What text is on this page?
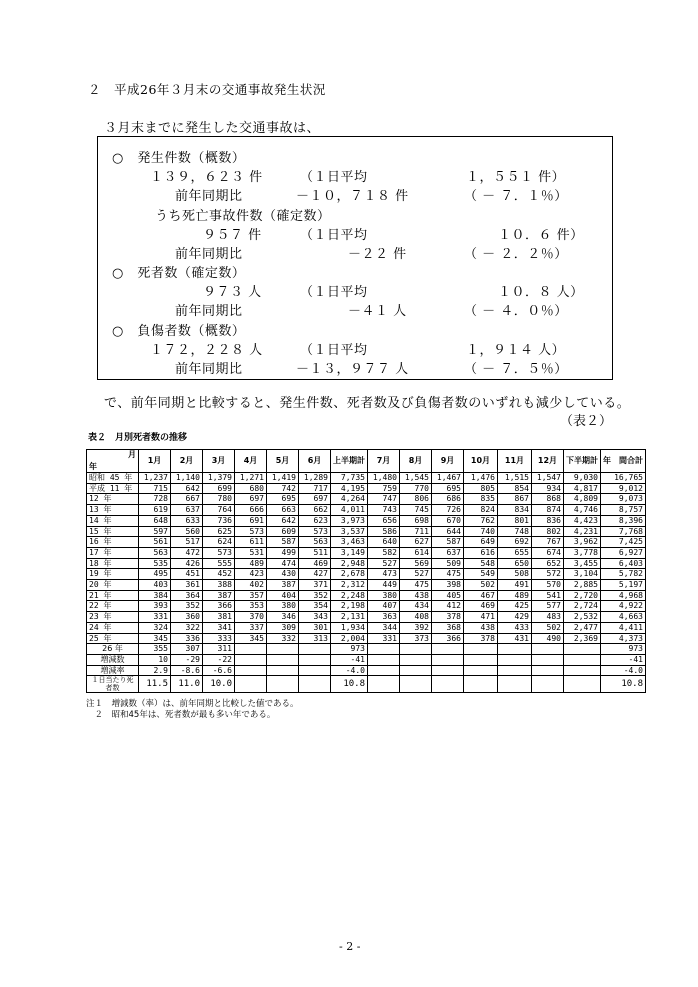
２　平成26年３月末の交通事故発生状況
３月末までに発生した交通事故は、
○　発生件数（概数）
１３９，６２３ 件	（１日平均	１，５５１ 件）
前年同期比	－１０，７１８ 件	（ － ７．１％）
うち死亡事故件数（確定数）
９５７ 件	（１日平均	１０．６ 件）
前年同期比	－２２ 件	（ － ２．２％）
○　死者数（確定数）
９７３ 人	（１日平均	１０．８ 人）
前年同期比	－４１ 人	（ － ４．０％）
○　負傷者数（概数）
１７２，２２８ 人	（１日平均	１，９１４ 人）
前年同期比	－１３，９７７ 人	（ － ７．５％）
で、前年同期と比較すると、発生件数、死者数及び負傷者数のいずれも減少している。
（表２）
表２　月別死者数の推移
月
年	1月	2月	3月	4月	5月	6月	上半期計	7月	8月	9月	10月	11月	12月	下半期計	年　間合計
昭和 45 年	1,237	1,140	1,379	1,271	1,419	1,289	7,735	1,480	1,545	1,467	1,476	1,515	1,547	9,030	16,765
平成 11 年	715	642	699	680	742	717	4,195	759	770	695	805	854	934	4,817	9,012
12 年	728	667	780	697	695	697	4,264	747	806	686	835	867	868	4,809	9,073
13 年	619	637	764	666	663	662	4,011	743	745	726	824	834	874	4,746	8,757
14 年	648	633	736	691	642	623	3,973	656	698	670	762	801	836	4,423	8,396
15 年	597	560	625	573	609	573	3,537	586	711	644	740	748	802	4,231	7,768
16 年	561	517	624	611	587	563	3,463	640	627	587	649	692	767	3,962	7,425
17 年	563	472	573	531	499	511	3,149	582	614	637	616	655	674	3,778	6,927
18 年	535	426	555	489	474	469	2,948	527	569	509	548	650	652	3,455	6,403
19 年	495	451	452	423	430	427	2,678	473	527	475	549	508	572	3,104	5,782
20 年	403	361	388	402	387	371	2,312	449	475	398	502	491	570	2,885	5,197
21 年	384	364	387	357	404	352	2,248	380	438	405	467	489	541	2,720	4,968
22 年	393	352	366	353	380	354	2,198	407	434	412	469	425	577	2,724	4,922
23 年	331	360	381	370	346	343	2,131	363	408	378	471	429	483	2,532	4,663
24 年	324	322	341	337	309	301	1,934	344	392	368	438	433	502	2,477	4,411
25 年	345	336	333	345	332	313	2,004	331	373	366	378	431	490	2,369	4,373
26 年	355	307	311				973								973
増減数	10	-29	-22				-41								-41
増減率	2.9	-8.6	-6.6				-4.0								-4.0
１日当たり死者数	11.5	11.0	10.0				10.8								10.8
注１　増減数（率）は、前年同期と比較した値である。
　２　昭和45年は、死者数が最も多い年である。
- 2 -
